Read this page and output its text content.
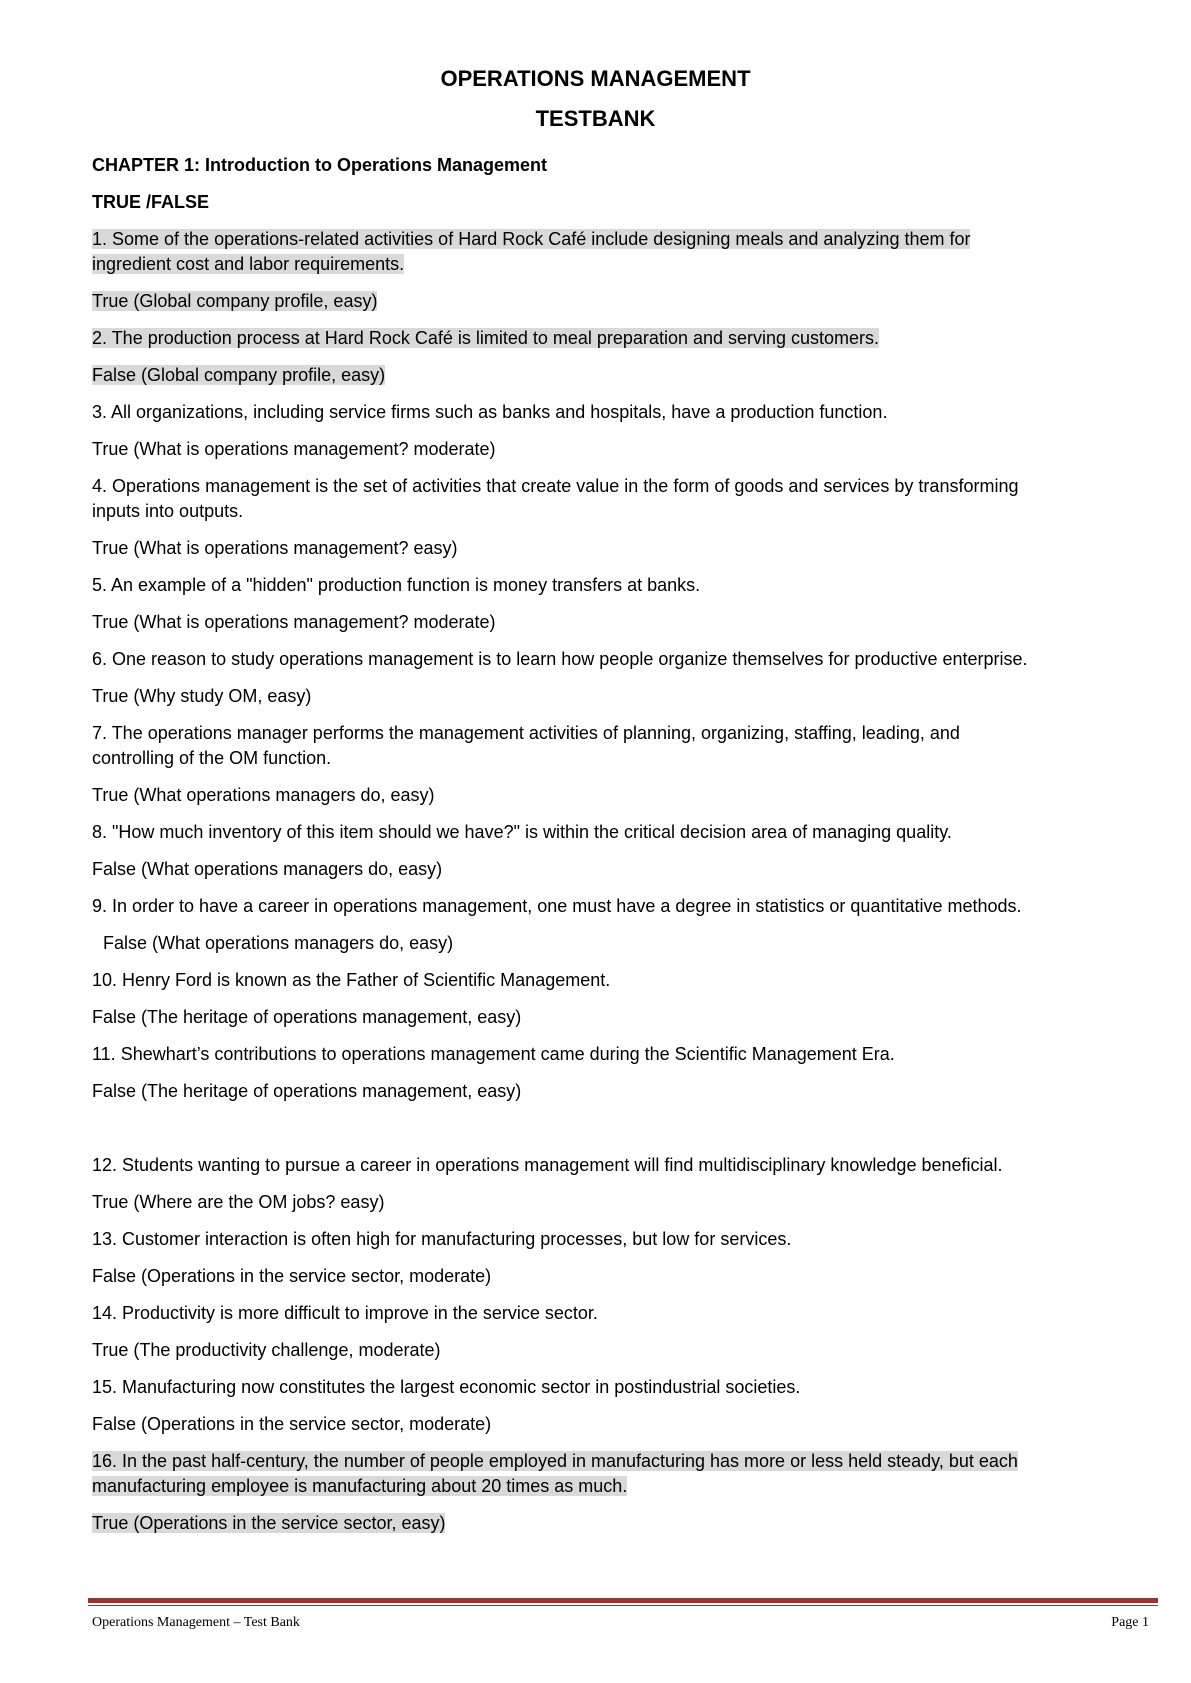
OPERATIONS MANAGEMENT
TESTBANK
CHAPTER 1: Introduction to Operations Management
TRUE /FALSE
1. Some of the operations-related activities of Hard Rock Café include designing meals and analyzing them for
ingredient cost and labor requirements.
True (Global company profile, easy)
2. The production process at Hard Rock Café is limited to meal preparation and serving customers.
False (Global company profile, easy)
3. All organizations, including service firms such as banks and hospitals, have a production function.
True (What is operations management? moderate)
4. Operations management is the set of activities that create value in the form of goods and services by transforming
inputs into outputs.
True (What is operations management? easy)
5. An example of a "hidden" production function is money transfers at banks.
True (What is operations management? moderate)
6. One reason to study operations management is to learn how people organize themselves for productive enterprise.
True (Why study OM, easy)
7. The operations manager performs the management activities of planning, organizing, staffing, leading, and
controlling of the OM function.
True (What operations managers do, easy)
8. "How much inventory of this item should we have?" is within the critical decision area of managing quality.
False (What operations managers do, easy)
9. In order to have a career in operations management, one must have a degree in statistics or quantitative methods.
False (What operations managers do, easy)
10. Henry Ford is known as the Father of Scientific Management.
False (The heritage of operations management, easy)
11. Shewhart’s contributions to operations management came during the Scientific Management Era.
False (The heritage of operations management, easy)
12. Students wanting to pursue a career in operations management will find multidisciplinary knowledge beneficial.
True (Where are the OM jobs? easy)
13. Customer interaction is often high for manufacturing processes, but low for services.
False (Operations in the service sector, moderate)
14. Productivity is more difficult to improve in the service sector.
True (The productivity challenge, moderate)
15. Manufacturing now constitutes the largest economic sector in postindustrial societies.
False (Operations in the service sector, moderate)
16. In the past half-century, the number of people employed in manufacturing has more or less held steady, but each
manufacturing employee is manufacturing about 20 times as much.
True (Operations in the service sector, easy)
Operations Management – Test Bank	Page 1
